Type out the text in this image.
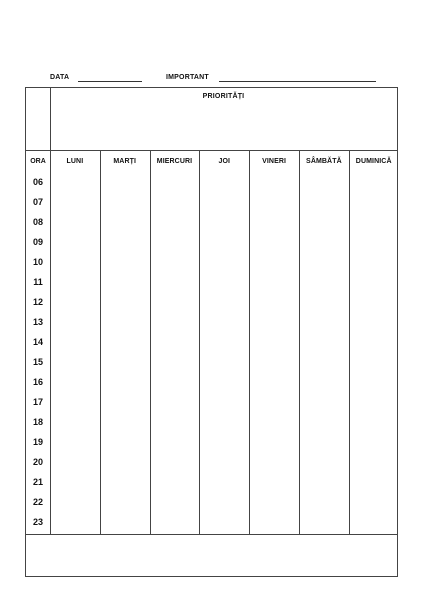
DATA	IMPORTANT
PRIORITĂȚI
ORA	LUNI	MARȚI	MIERCURI	JOI	VINERI	SÂMBĂTĂ	DUMINICĂ
06
07
08
09
10
11
12
13
14
15
16
17
18
19
20
21
22
23
